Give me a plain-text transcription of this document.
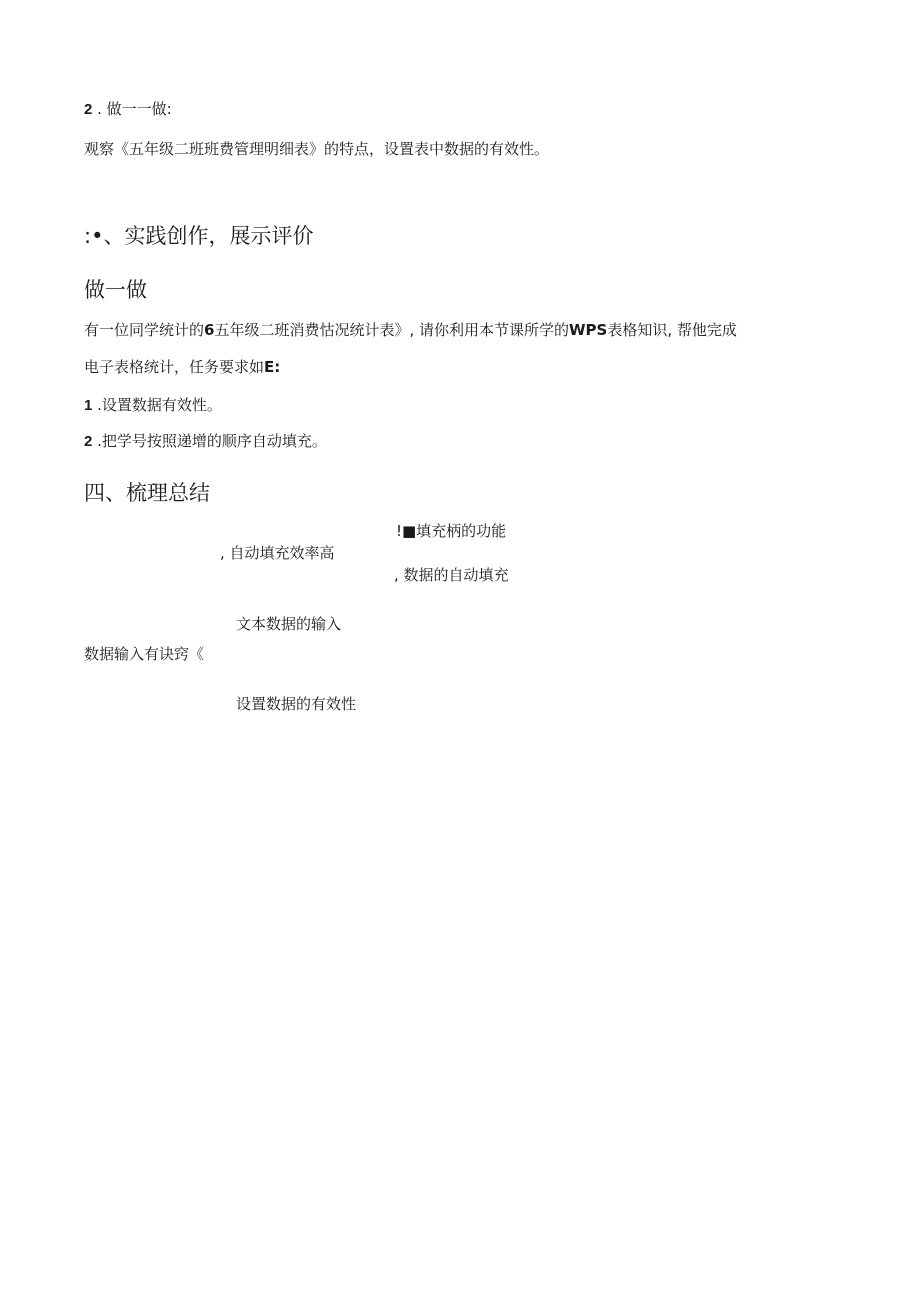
2 . 做一一做:
观察《五年级二班班费管理明细表》的特点，设置表中数据的有效性。
:•、实践创作，展示评价
做一做
有一位同学统计的6五年级二班消费怙况统计表》, 请你利用本节课所学的WPS表格知识, 帮他完成
电子表格统计，任务要求如E:
1 .设置数据有效性。
2 .把学号按照递增的顺序自动填充。
四、梳理总结
!■填充柄的功能
, 自动填充效率高
, 数据的自动填充
文本数据的输入
数据输入有诀窍《
设置数据的有效性
